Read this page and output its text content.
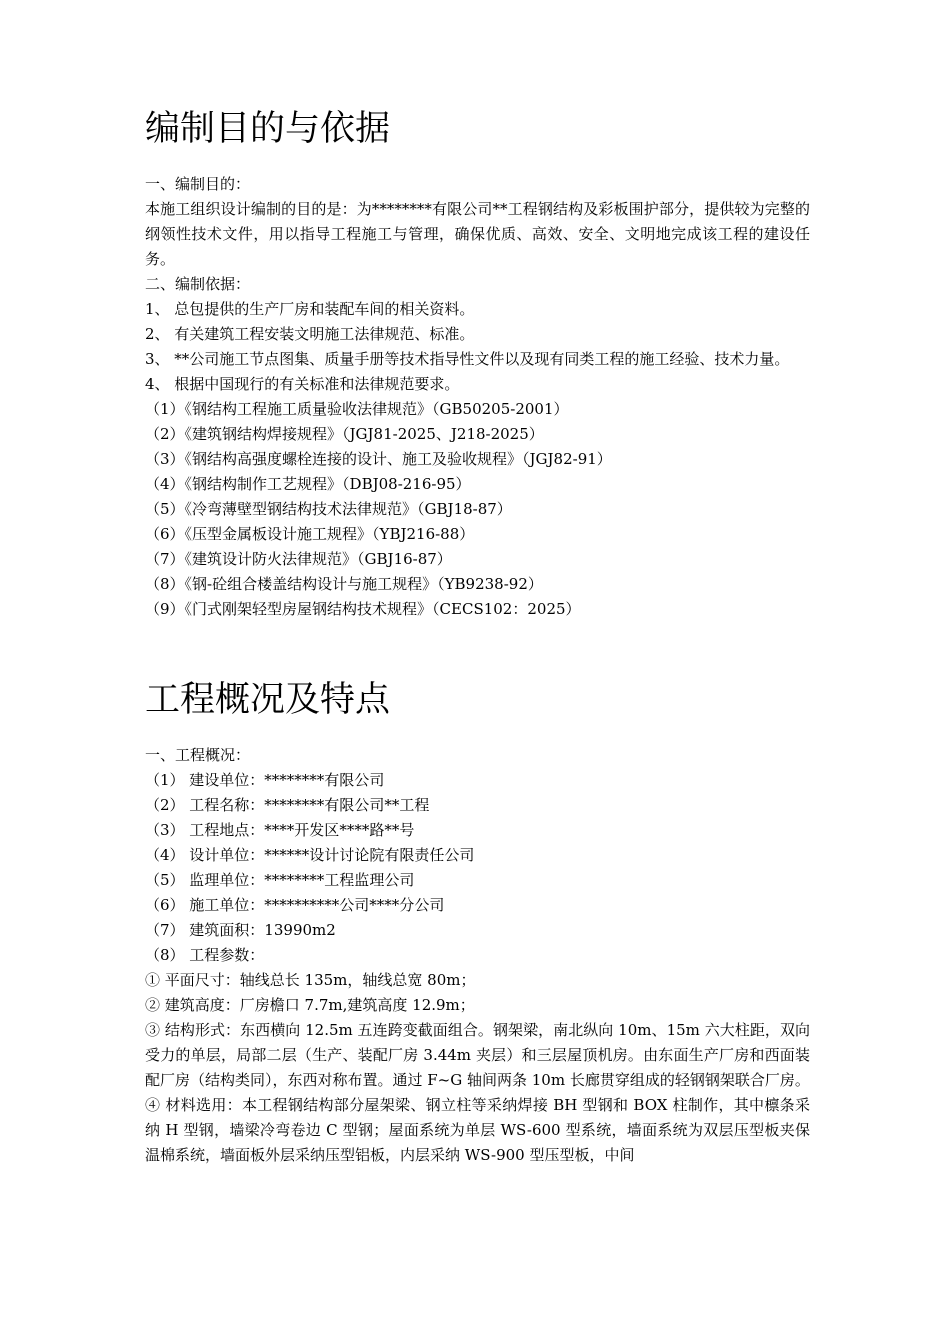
编制目的与依据

一、编制目的：

本施工组织设计编制的目的是：为********有限公司**工程钢结构及彩板围护部分，提供较为完整的纲领性技术文件，用以指导工程施工与管理，确保优质、高效、安全、文明地完成该工程的建设任务。

二、编制依据：

1、 总包提供的生产厂房和装配车间的相关资料。

2、 有关建筑工程安装文明施工法律规范、标准。

3、 **公司施工节点图集、质量手册等技术指导性文件以及现有同类工程的施工经验、技术力量。

4、 根据中国现行的有关标准和法律规范要求。

（1）《钢结构工程施工质量验收法律规范》（GB50205-2001）

（2）《建筑钢结构焊接规程》（JGJ81-2025、J218-2025）

（3）《钢结构高强度螺栓连接的设计、施工及验收规程》（JGJ82-91）

（4）《钢结构制作工艺规程》（DBJ08-216-95）

（5）《冷弯薄壁型钢结构技术法律规范》（GBJ18-87）

（6）《压型金属板设计施工规程》（YBJ216-88）

（7）《建筑设计防火法律规范》（GBJ16-87）

（8）《钢-砼组合楼盖结构设计与施工规程》（YB9238-92）

（9）《门式刚架轻型房屋钢结构技术规程》（CECS102：2025）

工程概况及特点

一、工程概况：

（1） 建设单位：********有限公司

（2） 工程名称：********有限公司**工程

（3） 工程地点：****开发区****路**号

（4） 设计单位：******设计讨论院有限责任公司

（5） 监理单位：********工程监理公司

（6） 施工单位：**********公司****分公司

（7） 建筑面积：13990m2

（8） 工程参数：

① 平面尺寸：轴线总长 135m，轴线总宽 80m；

② 建筑高度：厂房檐口 7.7m,建筑高度 12.9m；

③ 结构形式：东西横向 12.5m 五连跨变截面组合。钢架梁，南北纵向 10m、15m 六大柱距，双向受力的单层，局部二层（生产、装配厂房 3.44m 夹层）和三层屋顶机房。由东面生产厂房和西面装配厂房（结构类同），东西对称布置。通过 F~G 轴间两条 10m 长廊贯穿组成的轻钢钢架联合厂房。

④ 材料选用：本工程钢结构部分屋架梁、钢立柱等采纳焊接 BH 型钢和 BOX 柱制作，其中檩条采纳 H 型钢，墙梁冷弯卷边 C 型钢；屋面系统为单层 WS-600 型系统，墙面系统为双层压型板夹保温棉系统，墙面板外层采纳压型铝板，内层采纳 WS-900 型压型板，中间
